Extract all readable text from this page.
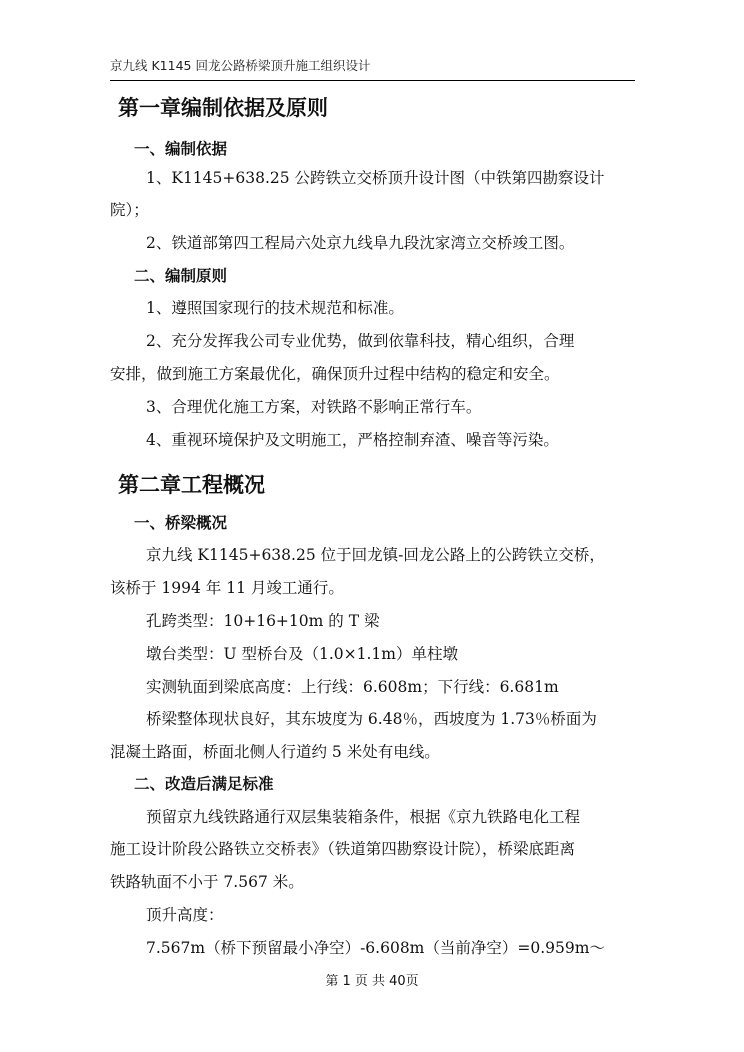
京九线 K1145 回龙公路桥梁顶升施工组织设计
第一章编制依据及原则
一、编制依据
1、K1145+638.25 公跨铁立交桥顶升设计图（中铁第四勘察设计
院）；
2、铁道部第四工程局六处京九线阜九段沈家湾立交桥竣工图。
二、编制原则
1、遵照国家现行的技术规范和标准。
2、充分发挥我公司专业优势，做到依靠科技，精心组织，合理
安排，做到施工方案最优化，确保顶升过程中结构的稳定和安全。
3、合理优化施工方案，对铁路不影响正常行车。
4、重视环境保护及文明施工，严格控制弃渣、噪音等污染。
第二章工程概况
一、桥梁概况
京九线 K1145+638.25 位于回龙镇-回龙公路上的公跨铁立交桥，
该桥于 1994 年 11 月竣工通行。
孔跨类型：10+16+10m 的 T 梁
墩台类型：U 型桥台及（1.0×1.1m）单柱墩
实测轨面到梁底高度：上行线：6.608m；下行线：6.681m
桥梁整体现状良好，其东坡度为 6.48％，西坡度为 1.73％桥面为
混凝土路面，桥面北侧人行道约 5 米处有电线。
二、改造后满足标准
预留京九线铁路通行双层集装箱条件，根据《京九铁路电化工程
施工设计阶段公路铁立交桥表》（铁道第四勘察设计院），桥梁底距离
铁路轨面不小于 7.567 米。
顶升高度：
7.567m（桥下预留最小净空）-6.608m（当前净空）=0.959m～
第 1 页 共 40页
